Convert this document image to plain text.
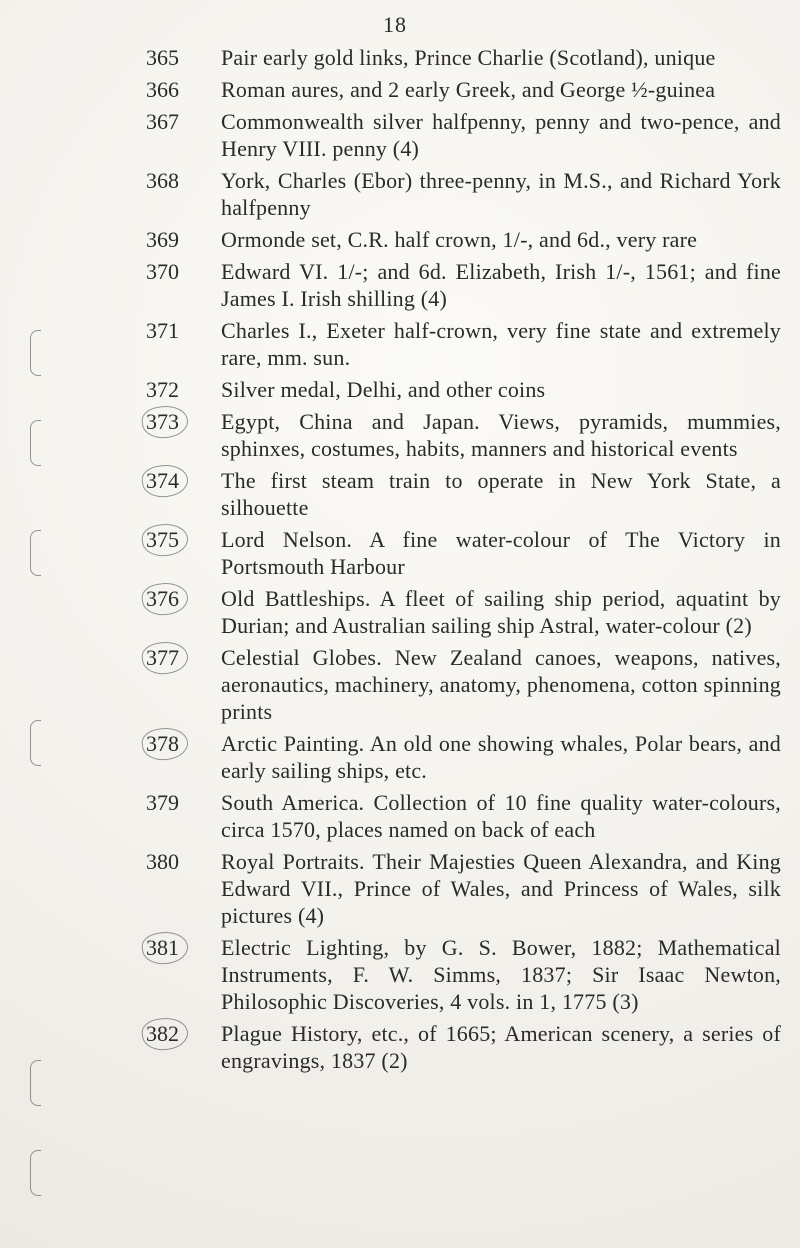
18
365	Pair early gold links, Prince Charlie (Scotland), unique
366	Roman aures, and 2 early Greek, and George ½-guinea
367	Commonwealth silver halfpenny, penny and two-pence, and Henry VIII. penny (4)
368	York, Charles (Ebor) three-penny, in M.S., and Richard York halfpenny
369	Ormonde set, C.R. half crown, 1/-, and 6d., very rare
370	Edward VI. 1/-; and 6d. Elizabeth, Irish 1/-, 1561; and fine James I. Irish shilling (4)
371	Charles I., Exeter half-crown, very fine state and extremely rare, mm. sun.
372	Silver medal, Delhi, and other coins
373	Egypt, China and Japan. Views, pyramids, mummies, sphinxes, costumes, habits, manners and historical events
374	The first steam train to operate in New York State, a silhouette
375	Lord Nelson. A fine water-colour of The Victory in Portsmouth Harbour
376	Old Battleships. A fleet of sailing ship period, aquatint by Durian; and Australian sailing ship Astral, water-colour (2)
377	Celestial Globes. New Zealand canoes, weapons, natives, aeronautics, machinery, anatomy, phenomena, cotton spinning prints
378	Arctic Painting. An old one showing whales, Polar bears, and early sailing ships, etc.
379	South America. Collection of 10 fine quality water-colours, circa 1570, places named on back of each
380	Royal Portraits. Their Majesties Queen Alexandra, and King Edward VII., Prince of Wales, and Princess of Wales, silk pictures (4)
381	Electric Lighting, by G. S. Bower, 1882; Mathematical Instruments, F. W. Simms, 1837; Sir Isaac Newton, Philosophic Discoveries, 4 vols. in 1, 1775 (3)
382	Plague History, etc., of 1665; American scenery, a series of engravings, 1837 (2)
